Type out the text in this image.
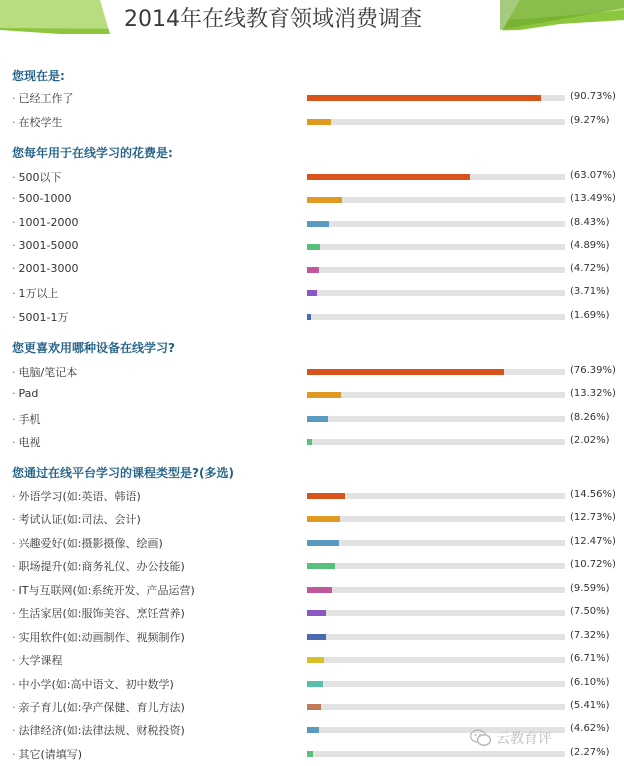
2014年在线教育领域消费调查
您现在是:
· 已经工作了	(90.73%)
· 在校学生	(9.27%)
您每年用于在线学习的花费是:
· 500以下	(63.07%)
· 500-1000	(13.49%)
· 1001-2000	(8.43%)
· 3001-5000	(4.89%)
· 2001-3000	(4.72%)
· 1万以上	(3.71%)
· 5001-1万	(1.69%)
您更喜欢用哪种设备在线学习?
· 电脑/笔记本	(76.39%)
· Pad	(13.32%)
· 手机	(8.26%)
· 电视	(2.02%)
您通过在线平台学习的课程类型是?(多选)
· 外语学习(如:英语、韩语)	(14.56%)
· 考试认证(如:司法、会计)	(12.73%)
· 兴趣爱好(如:摄影摄像、绘画)	(12.47%)
· 职场提升(如:商务礼仪、办公技能)	(10.72%)
· IT与互联网(如:系统开发、产品运营)	(9.59%)
· 生活家居(如:服饰美容、烹饪营养)	(7.50%)
· 实用软件(如:动画制作、视频制作)	(7.32%)
· 大学课程	(6.71%)
· 中小学(如:高中语文、初中数学)	(6.10%)
· 亲子育儿(如:孕产保健、育儿方法)	(5.41%)
· 法律经济(如:法律法规、财税投资)	(4.62%)
· 其它(请填写)	(2.27%)
云教育评
